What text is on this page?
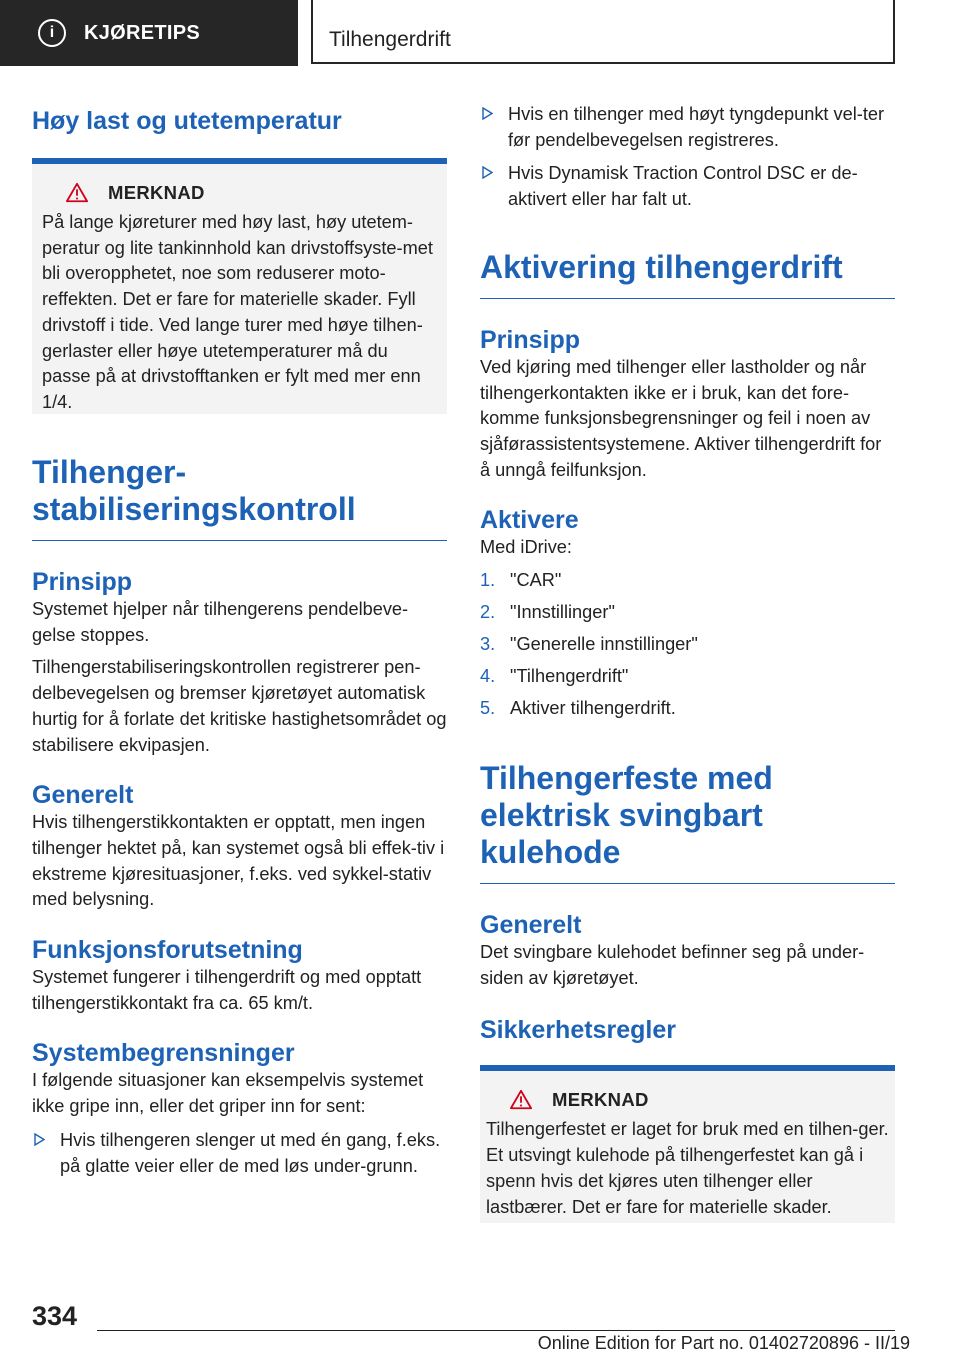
i	KJØRETIPS	Tilhengerdrift
Høy last og utetemperatur
MERKNAD

På lange kjøreturer med høy last, høy utetem-peratur og lite tankinnhold kan drivstoffsyste-met bli overopphetet, noe som reduserer moto-reffekten. Det er fare for materielle skader. Fyll drivstoff i tide. Ved lange turer med høye tilhen-gerlaster eller høye utetemperaturer må du passe på at drivstofftanken er fylt med mer enn 1/4.

Tilhenger-
stabiliseringskontroll
Prinsipp

Systemet hjelper når tilhengerens pendelbeve-gelse stoppes.

Tilhengerstabiliseringskontrollen registrerer pen-delbevegelsen og bremser kjøretøyet automatisk hurtig for å forlate det kritiske hastighetsområdet og stabilisere ekvipasjen.

Generelt

Hvis tilhengerstikkontakten er opptatt, men ingen tilhenger hektet på, kan systemet også bli effek-tiv i ekstreme kjøresituasjoner, f.eks. ved sykkel-stativ med belysning.

Funksjonsforutsetning

Systemet fungerer i tilhengerdrift og med opptatt tilhengerstikkontakt fra ca. 65 km/t.

Systembegrensninger

I følgende situasjoner kan eksempelvis systemet ikke gripe inn, eller det griper inn for sent:

Hvis tilhengeren slenger ut med én gang, f.eks. på glatte veier eller de med løs under-grunn.
Hvis en tilhenger med høyt tyngdepunkt vel-ter før pendelbevegelsen registreres.
Hvis Dynamisk Traction Control DSC er de-aktivert eller har falt ut.
Aktivering tilhengerdrift
Prinsipp

Ved kjøring med tilhenger eller lastholder og når tilhengerkontakten ikke er i bruk, kan det fore-komme funksjonsbegrensninger og feil i noen av sjåførassistentsystemene. Aktiver tilhengerdrift for å unngå feilfunksjon.

Aktivere

Med iDrive:

1. "CAR"
2. "Innstillinger"
3. "Generelle innstillinger"
4. "Tilhengerdrift"
5. Aktiver tilhengerdrift.
Tilhengerfeste med
elektrisk svingbart
kulehode
Generelt

Det svingbare kulehodet befinner seg på under-siden av kjøretøyet.

Sikkerhetsregler
MERKNAD

Tilhengerfestet er laget for bruk med en tilhen-ger. Et utsvingt kulehode på tilhengerfestet kan gå i spenn hvis det kjøres uten tilhenger eller lastbærer. Det er fare for materielle skader.

334
Online Edition for Part no. 01402720896 - II/19
